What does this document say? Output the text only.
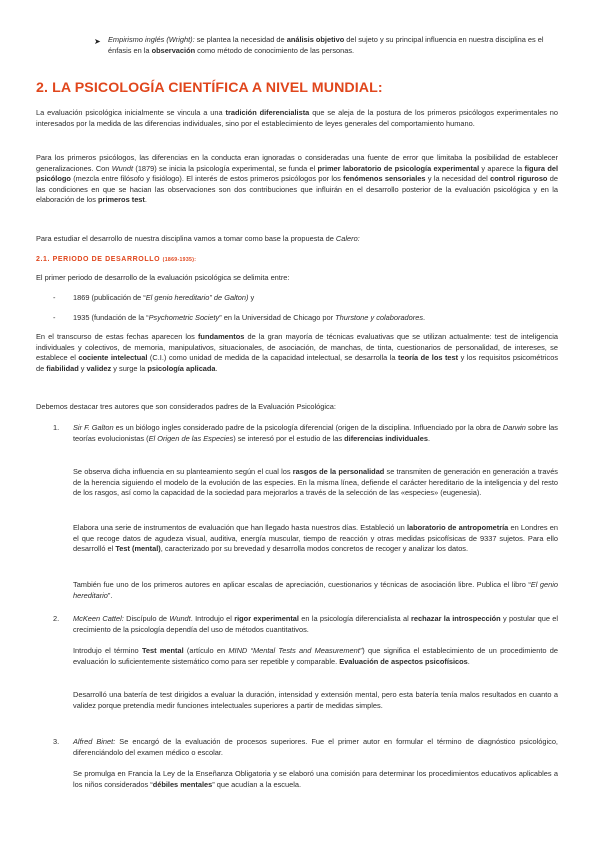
➤ Empirismo inglés (Wright): se plantea la necesidad de análisis objetivo del sujeto y su principal influencia en nuestra disciplina es el énfasis en la observación como método de conocimiento de las personas.

2. LA PSICOLOGÍA CIENTÍFICA A NIVEL MUNDIAL:

La evaluación psicológica inicialmente se vincula a una tradición diferencialista que se aleja de la postura de los primeros psicólogos experimentales no interesados por la medida de las diferencias individuales, sino por el establecimiento de leyes generales del comportamiento humano.

Para los primeros psicólogos, las diferencias en la conducta eran ignoradas o consideradas una fuente de error que limitaba la posibilidad de establecer generalizaciones. Con Wundt (1879) se inicia la psicología experimental, se funda el primer laboratorio de psicología experimental y aparece la figura del psicólogo (mezcla entre filósofo y fisiólogo). El interés de estos primeros psicólogos por los fenómenos sensoriales y la necesidad del control riguroso de las condiciones en que se hacian las observaciones son dos contribuciones que influirán en el desarrollo posterior de la evaluación psicológica y en la elaboración de los primeros test.

Para estudiar el desarrollo de nuestra disciplina vamos a tomar como base la propuesta de Calero:

2.1. PERIODO DE DESARROLLO (1869-1935):

El primer periodo de desarrollo de la evaluación psicológica se delimita entre:

- 1869 (publicación de “El genio hereditario” de Galton) y

- 1935 (fundación de la “Psychometric Society” en la Universidad de Chicago por Thurstone y colaboradores.

En el transcurso de estas fechas aparecen los fundamentos de la gran mayoría de técnicas evaluativas que se utilizan actualmente: test de inteligencia individuales y colectivos, de memoria, manipulativos, situacionales, de asociación, de manchas, de tinta, cuestionarios de personalidad, de intereses, se establece el cociente intelectual (C.I.) como unidad de medida de la capacidad intelectual, se desarrolla la teoría de los test y los requisitos psicométricos de fiabilidad y validez y surge la psicología aplicada.

Debemos destacar tres autores que son considerados padres de la Evaluación Psicológica:

1. Sir F. Galton es un biólogo ingles considerado padre de la psicología diferencial (origen de la disciplina. Influenciado por la obra de Darwin sobre las teorías evolucionistas (El Origen de las Especies) se interesó por el estudio de las diferencias individuales.

Se observa dicha influencia en su planteamiento según el cual los rasgos de la personalidad se transmiten de generación en generación a través de la herencia siguiendo el modelo de la evolución de las especies. En la misma línea, defiende el carácter hereditario de la inteligencia y del resto de los rasgos, así como la capacidad de la sociedad para mejorarlos a través de la selección de las «especies» (eugenesia).

Elabora una serie de instrumentos de evaluación que han llegado hasta nuestros días. Estableció un laboratorio de antropometría en Londres en el que recoge datos de agudeza visual, auditiva, energía muscular, tiempo de reacción y otras medidas psicofísicas de 9337 sujetos. Para ello desarrolló el Test (mental), caracterizado por su brevedad y desarrolla modos concretos de recoger y analizar los datos.

También fue uno de los primeros autores en aplicar escalas de apreciación, cuestionarios y técnicas de asociación libre. Publica el libro “El genio hereditario”.

2. McKeen Cattel: Discípulo de Wundt. Introdujo el rigor experimental en la psicología diferencialista al rechazar la introspección y postular que el crecimiento de la psicología dependía del uso de métodos cuantitativos.

Introdujo el término Test mental (artículo en MIND “Mental Tests and Measurement”) que significa el establecimiento de un procedimiento de evaluación lo suficientemente sistemático como para ser repetible y comparable. Evaluación de aspectos psicofísicos.

Desarrolló una batería de test dirigidos a evaluar la duración, intensidad y extensión mental, pero esta batería tenía malos resultados en cuanto a validez porque pretendía medir funciones intelectuales superiores a partir de medidas simples.

3. Alfred Binet: Se encargó de la evaluación de procesos superiores. Fue el primer autor en formular el término de diagnóstico psicológico, diferenciándolo del examen médico o escolar.

Se promulga en Francia la Ley de la Enseñanza Obligatoria y se elaboró una comisión para determinar los procedimientos educativos aplicables a los niños considerados “débiles mentales” que acudían a la escuela.
